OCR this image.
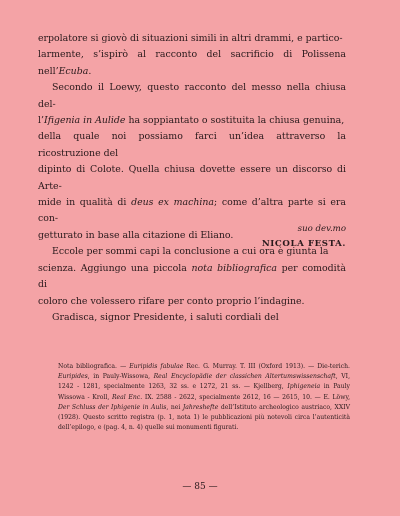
erpolatore si giovò di situazioni simili in altri drammi, e partico-
larmente, s’ispirò al racconto del sacrificio di Polissena nell’Ecuba.

Secondo il Loewy, questo racconto del messo nella chiusa del-
l’Ifigenia in Aulide ha soppiantato o sostituita la chiusa genuina,
della quale noi possiamo farci un’idea attraverso la ricostruzione del
dipinto di Colote. Quella chiusa dovette essere un discorso di Arte-
mide in qualità di deus ex machina; come d’altra parte si era con-
getturato in base alla citazione di Eliano.

Eccole per sommi capi la conclusione a cui ora è giunta la
scienza. Aggiungo una piccola nota bibliografica per comodità di
coloro che volessero rifare per conto proprio l’indagine.

Gradisca, signor Presidente, i saluti cordiali del

suo dev.mo
NICOLA FESTA.
Nota bibliografica. — Euripidis fabulae Rec. G. Murray. T. III (Oxford 1913). — Die-terich. Euripides, in Pauly-Wissowa, Real Encyclopädie der classichen Altertumswissenschaft, VI, 1242 - 1281, specialmente 1263, 32 ss. e 1272, 21 ss. — Kjellberg, Iphigeneia in Pauly Wissowa - Kroll, Real Enc. IX. 2588 - 2622, specialmente 2612, 16 — 2615, 10. — E. Löwy, Der Schluss der Iphigenie in Aulis, nei Jahreshefte dell’Istituto archeologico austriaco, XXIV (1928). Questo scritto registra (p. 1, nota 1) le pubblicazioni più notevoli circa l’autenticità dell’epilogo, e (pag. 4, n. 4) quelle sui monumenti figurati.
— 85 —
